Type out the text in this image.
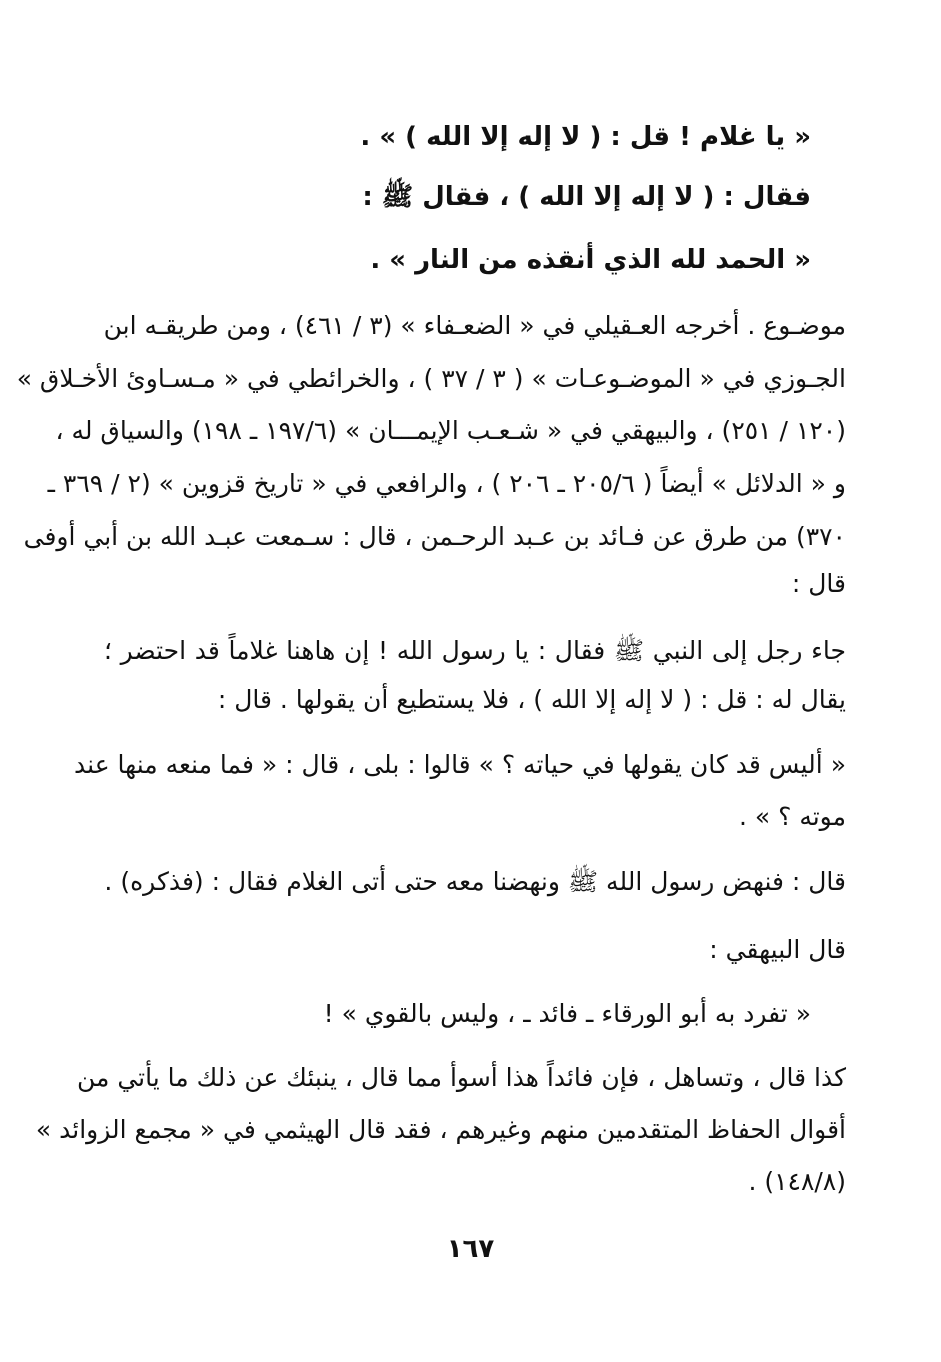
« يا غلام ! قل : ( لا إله إلا الله ) » .
فقال : ( لا إله إلا الله ) ، فقال ﷺ :
« الحمد لله الذي أنقذه من النار » .
موضـوع . أخرجه العـقيلي في « الضعـفاء » (٣ / ٤٦١) ، ومن طريقـه ابن
الجـوزي في « الموضـوعـات » ( ٣ / ٣٧ ) ، والخرائطي في « مـسـاوئ الأخـلاق »
(١٢٠ / ٢٥١) ، والبيهقي في « شـعـب الإيمـــان » (١٩٧/٦ ـ ١٩٨) والسياق له ،
و « الدلائل » أيضاً ( ٢٠٥/٦ ـ ٢٠٦ ) ، والرافعي في « تاريخ قزوين » (٢ / ٣٦٩ ـ
٣٧٠) من طرق عن فـائد بن عـبد الرحـمن ، قال : سـمعت عبـد الله بن أبي أوفى
قال :
جاء رجل إلى النبي ﷺ فقال : يا رسول الله ! إن هاهنا غلاماً قد احتضر ؛
يقال له : قل : ( لا إله إلا الله ) ، فلا يستطيع أن يقولها . قال :
« أليس قد كان يقولها في حياته ؟ » قالوا : بلى ، قال : « فما منعه منها عند
موته ؟ » .
قال : فنهض رسول الله ﷺ ونهضنا معه حتى أتى الغلام فقال : (فذكره) .
قال البيهقي :
« تفرد به أبو الورقاء ـ فائد ـ ، وليس بالقوي » !
كذا قال ، وتساهل ، فإن فائداً هذا أسوأ مما قال ، ينبئك عن ذلك ما يأتي من
أقوال الحفاظ المتقدمين منهم وغيرهم ، فقد قال الهيثمي في « مجمع الزوائد »
(١٤٨/٨) .
١٦٧
